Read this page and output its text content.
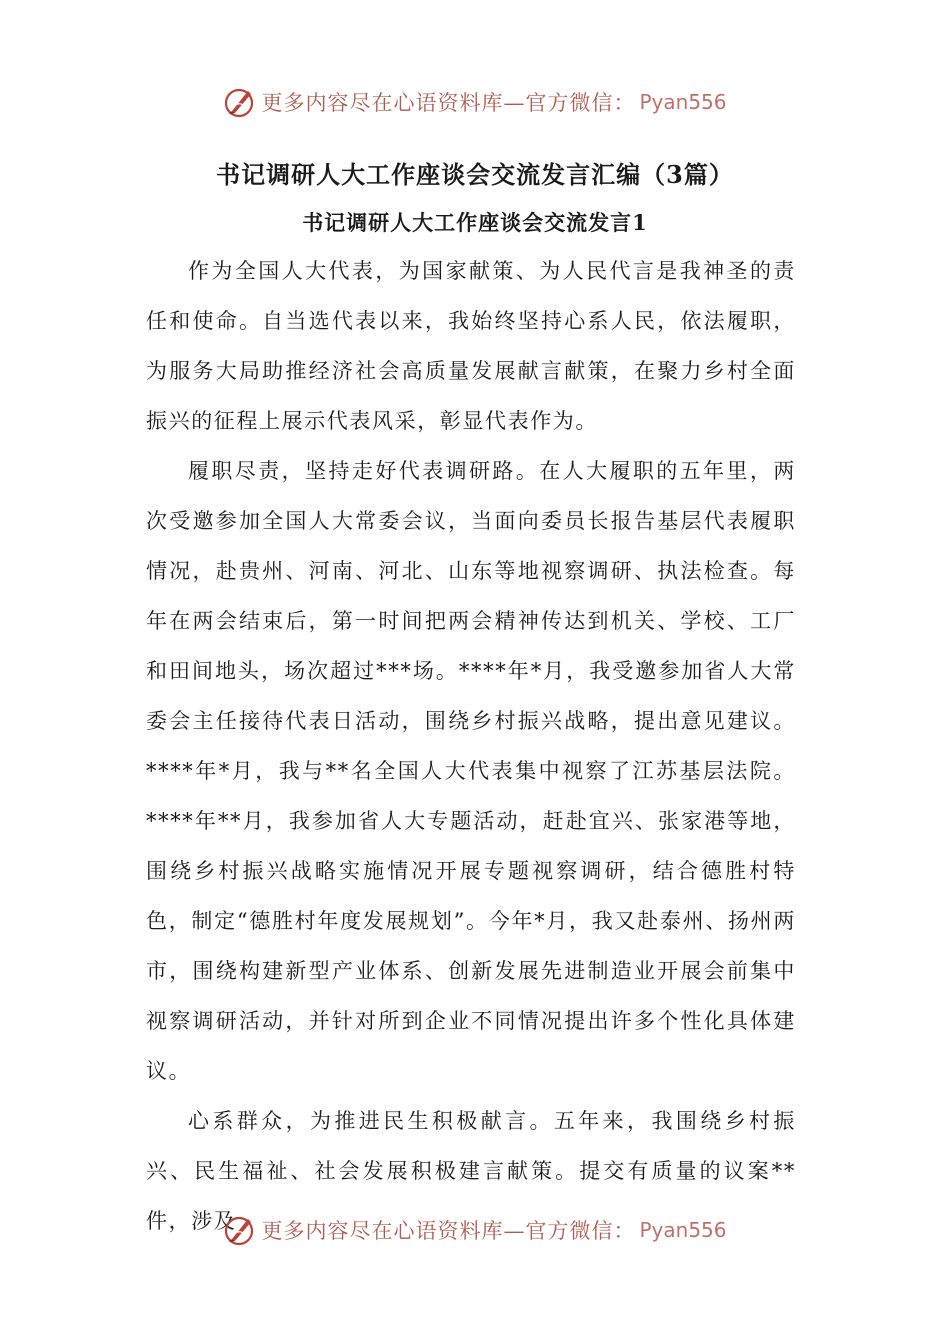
更多内容尽在心语资料库—官方微信： Pyan556
书记调研人大工作座谈会交流发言汇编（3篇）
书记调研人大工作座谈会交流发言1

作为全国人大代表，为国家献策、为人民代言是我神圣的责任和使命。自当选代表以来，我始终坚持心系人民，依法履职，为服务大局助推经济社会高质量发展献言献策，在聚力乡村全面振兴的征程上展示代表风采，彰显代表作为。

履职尽责，坚持走好代表调研路。在人大履职的五年里，两次受邀参加全国人大常委会议，当面向委员长报告基层代表履职情况，赴贵州、河南、河北、山东等地视察调研、执法检查。每年在两会结束后，第一时间把两会精神传达到机关、学校、工厂和田间地头，场次超过***场。****年*月，我受邀参加省人大常委会主任接待代表日活动，围绕乡村振兴战略，提出意见建议。****年*月，我与**名全国人大代表集中视察了江苏基层法院。****年**月，我参加省人大专题活动，赶赴宜兴、张家港等地，围绕乡村振兴战略实施情况开展专题视察调研，结合德胜村特色，制定“德胜村年度发展规划”。今年*月，我又赴泰州、扬州两市，围绕构建新型产业体系、创新发展先进制造业开展会前集中视察调研活动，并针对所到企业不同情况提出许多个性化具体建议。

心系群众，为推进民生积极献言。五年来，我围绕乡村振兴、民生福祉、社会发展积极建言献策。提交有质量的议案**件，涉及	更多内容尽在心语资料库—官方微信： Pyan556
